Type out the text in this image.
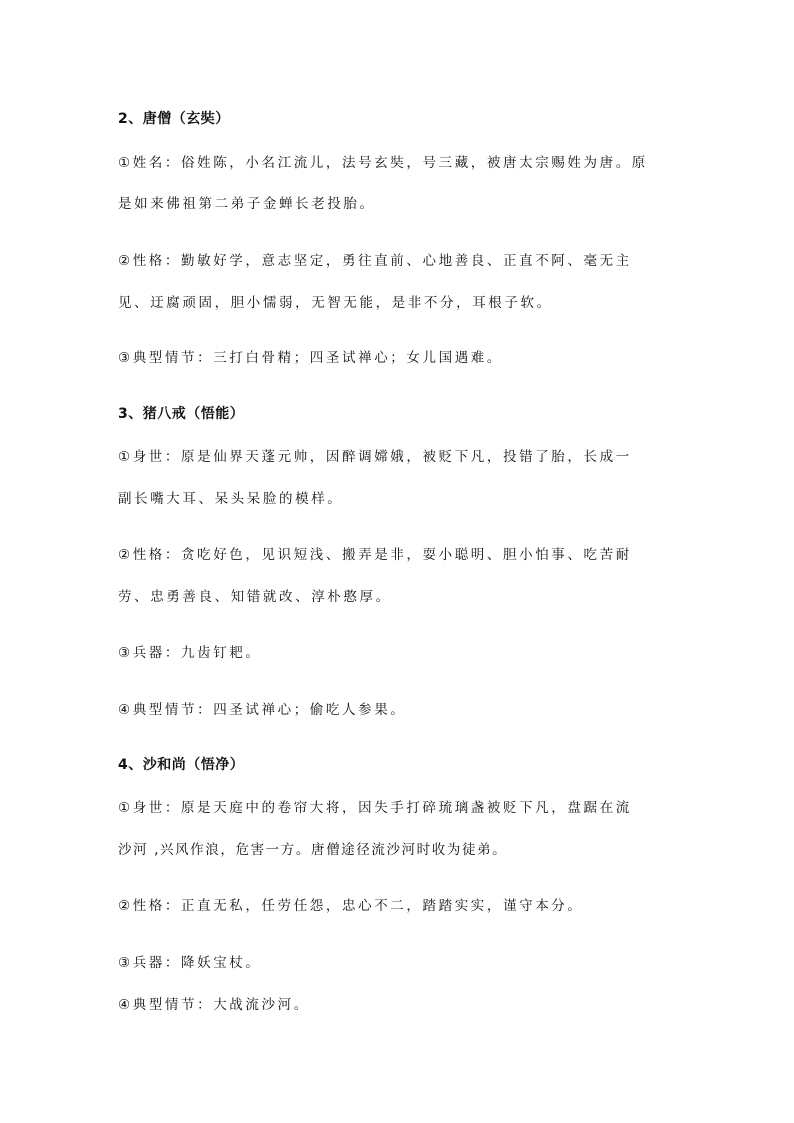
2、唐僧（玄奘）
①姓名：俗姓陈，小名江流儿，法号玄奘，号三藏，被唐太宗赐姓为唐。原
是如来佛祖第二弟子金蝉长老投胎。
②性格：勤敏好学，意志坚定，勇往直前、心地善良、正直不阿、毫无主
见、迂腐顽固，胆小懦弱，无智无能，是非不分，耳根子软。
③典型情节：三打白骨精；四圣试禅心；女儿国遇难。
3、猪八戒（悟能）
①身世：原是仙界天蓬元帅，因醉调嫦娥，被贬下凡，投错了胎，长成一
副长嘴大耳、呆头呆脸的模样。
②性格：贪吃好色，见识短浅、搬弄是非，耍小聪明、胆小怕事、吃苦耐
劳、忠勇善良、知错就改、淳朴憨厚。
③兵器：九齿钉耙。
④典型情节：四圣试禅心；偷吃人参果。
4、沙和尚（悟净）
①身世：原是天庭中的卷帘大将，因失手打碎琉璃盏被贬下凡，盘踞在流
沙河 ,兴风作浪，危害一方。唐僧途径流沙河时收为徒弟。
②性格：正直无私，任劳任怨，忠心不二，踏踏实实，谨守本分。
③兵器：降妖宝杖。
④典型情节：大战流沙河。
